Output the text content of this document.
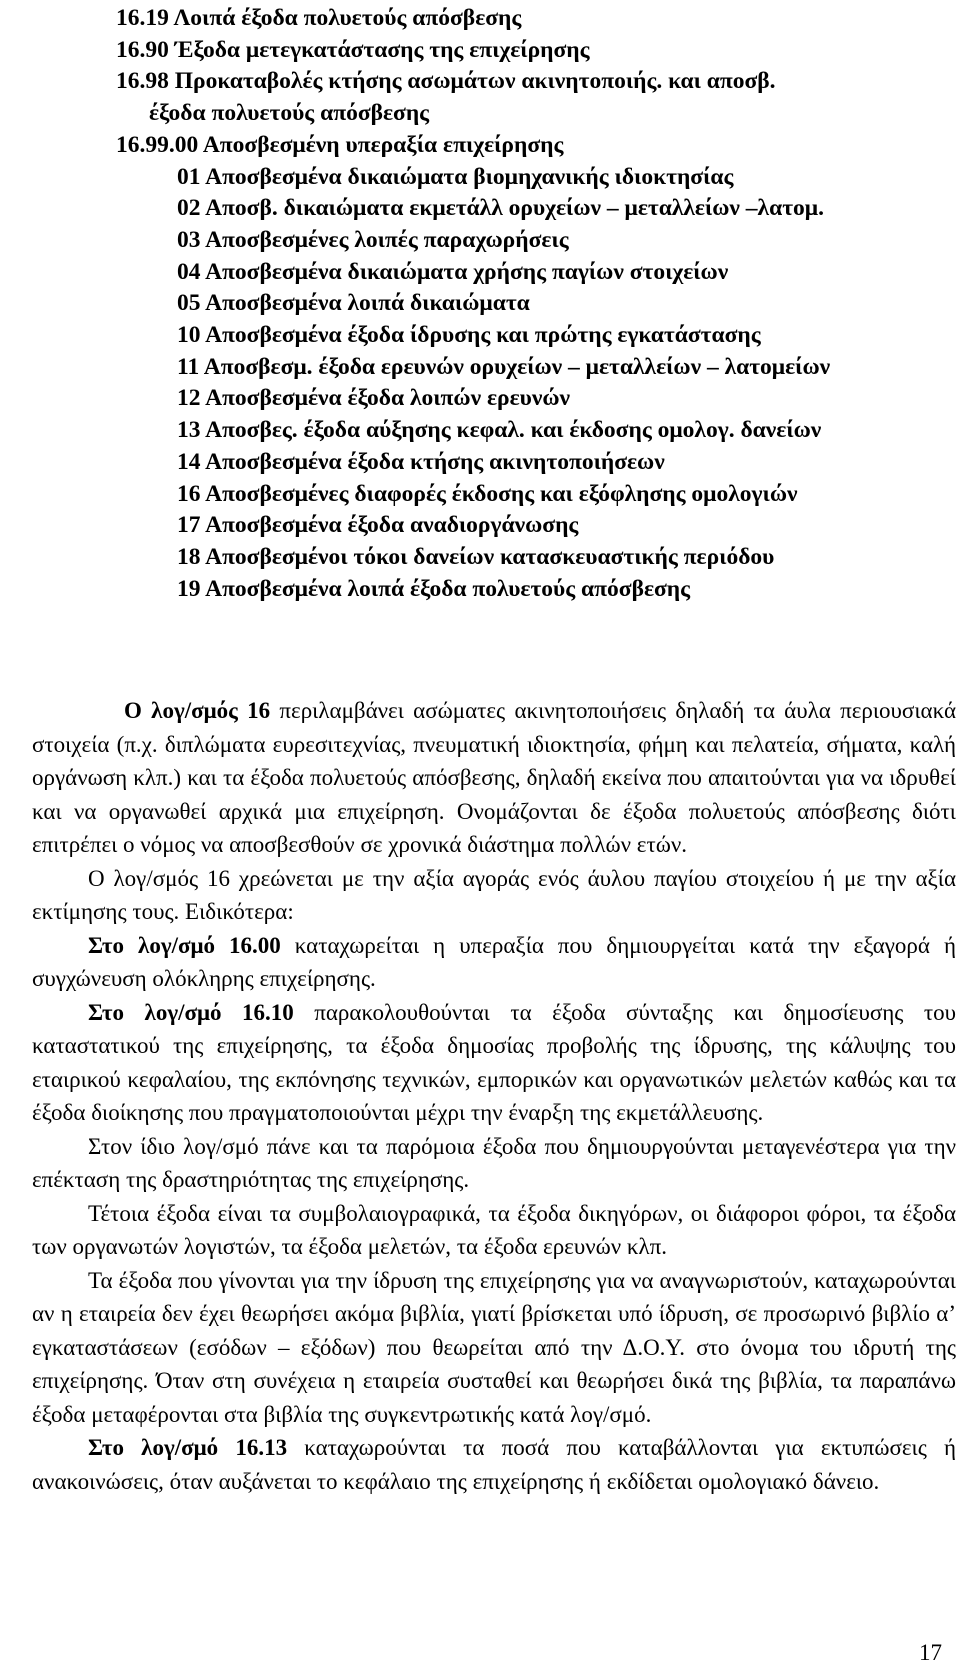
16.19 Λοιπά έξοδα πολυετούς απόσβεσης
16.90 Έξοδα μετεγκατάστασης της επιχείρησης
16.98 Προκαταβολές κτήσης ασωμάτων ακινητοποιής. και αποσβ.
έξοδα πολυετούς απόσβεσης
16.99.00 Αποσβεσμένη υπεραξία επιχείρησης
01 Αποσβεσμένα δικαιώματα βιομηχανικής ιδιοκτησίας
02 Αποσβ. δικαιώματα εκμετάλλ ορυχείων – μεταλλείων –λατομ.
03 Αποσβεσμένες λοιπές παραχωρήσεις
04 Αποσβεσμένα δικαιώματα χρήσης παγίων στοιχείων
05 Αποσβεσμένα λοιπά δικαιώματα
10 Αποσβεσμένα έξοδα ίδρυσης και πρώτης εγκατάστασης
11 Αποσβεσμ. έξοδα ερευνών ορυχείων – μεταλλείων – λατομείων
12 Αποσβεσμένα έξοδα λοιπών ερευνών
13 Αποσβες. έξοδα αύξησης κεφαλ. και έκδοσης ομολογ. δανείων
14 Αποσβεσμένα έξοδα κτήσης ακινητοποιήσεων
16 Αποσβεσμένες διαφορές έκδοσης και εξόφλησης ομολογιών
17 Αποσβεσμένα έξοδα αναδιοργάνωσης
18 Αποσβεσμένοι τόκοι δανείων κατασκευαστικής περιόδου
19 Αποσβεσμένα λοιπά έξοδα πολυετούς απόσβεσης

Ο λογ/σμός 16 περιλαμβάνει ασώματες ακινητοποιήσεις δηλαδή τα άυλα περιουσιακά στοιχεία (π.χ. διπλώματα ευρεσιτεχνίας, πνευματική ιδιοκτησία, φήμη και πελατεία, σήματα, καλή οργάνωση κλπ.) και τα έξοδα πολυετούς απόσβεσης, δηλαδή εκείνα που απαιτούνται για να ιδρυθεί και να οργανωθεί αρχικά μια επιχείρηση. Ονομάζονται δε έξοδα πολυετούς απόσβεσης διότι επιτρέπει ο νόμος να αποσβεσθούν σε χρονικά διάστημα πολλών ετών.

Ο λογ/σμός 16 χρεώνεται με την αξία αγοράς ενός άυλου παγίου στοιχείου ή με την αξία εκτίμησης τους. Ειδικότερα:

Στο λογ/σμό 16.00 καταχωρείται η υπεραξία που δημιουργείται κατά την εξαγορά ή συγχώνευση ολόκληρης επιχείρησης.

Στο λογ/σμό 16.10 παρακολουθούνται τα έξοδα σύνταξης και δημοσίευσης του καταστατικού της επιχείρησης, τα έξοδα δημοσίας προβολής της ίδρυσης, της κάλυψης του εταιρικού κεφαλαίου, της εκπόνησης τεχνικών, εμπορικών και οργανωτικών μελετών καθώς και τα έξοδα διοίκησης που πραγματοποιούνται μέχρι την έναρξη της εκμετάλλευσης.

Στον ίδιο λογ/σμό πάνε και τα παρόμοια έξοδα που δημιουργούνται μεταγενέστερα για την επέκταση της δραστηριότητας της επιχείρησης.

Τέτοια έξοδα είναι τα συμβολαιογραφικά, τα έξοδα δικηγόρων, οι διάφοροι φόροι, τα έξοδα των οργανωτών λογιστών, τα έξοδα μελετών, τα έξοδα ερευνών κλπ.

Τα έξοδα που γίνονται για την ίδρυση της επιχείρησης για να αναγνωριστούν, καταχωρούνται αν η εταιρεία δεν έχει θεωρήσει ακόμα βιβλία, γιατί βρίσκεται υπό ίδρυση, σε προσωρινό βιβλίο α’ εγκαταστάσεων (εσόδων – εξόδων) που θεωρείται από την Δ.Ο.Υ. στο όνομα του ιδρυτή της επιχείρησης. Όταν στη συνέχεια η εταιρεία συσταθεί και θεωρήσει δικά της βιβλία, τα παραπάνω έξοδα μεταφέρονται στα βιβλία της συγκεντρωτικής κατά λογ/σμό.

Στο λογ/σμό 16.13 καταχωρούνται τα ποσά που καταβάλλονται για εκτυπώσεις ή ανακοινώσεις, όταν αυξάνεται το κεφάλαιο της επιχείρησης ή εκδίδεται ομολογιακό δάνειο.

17
